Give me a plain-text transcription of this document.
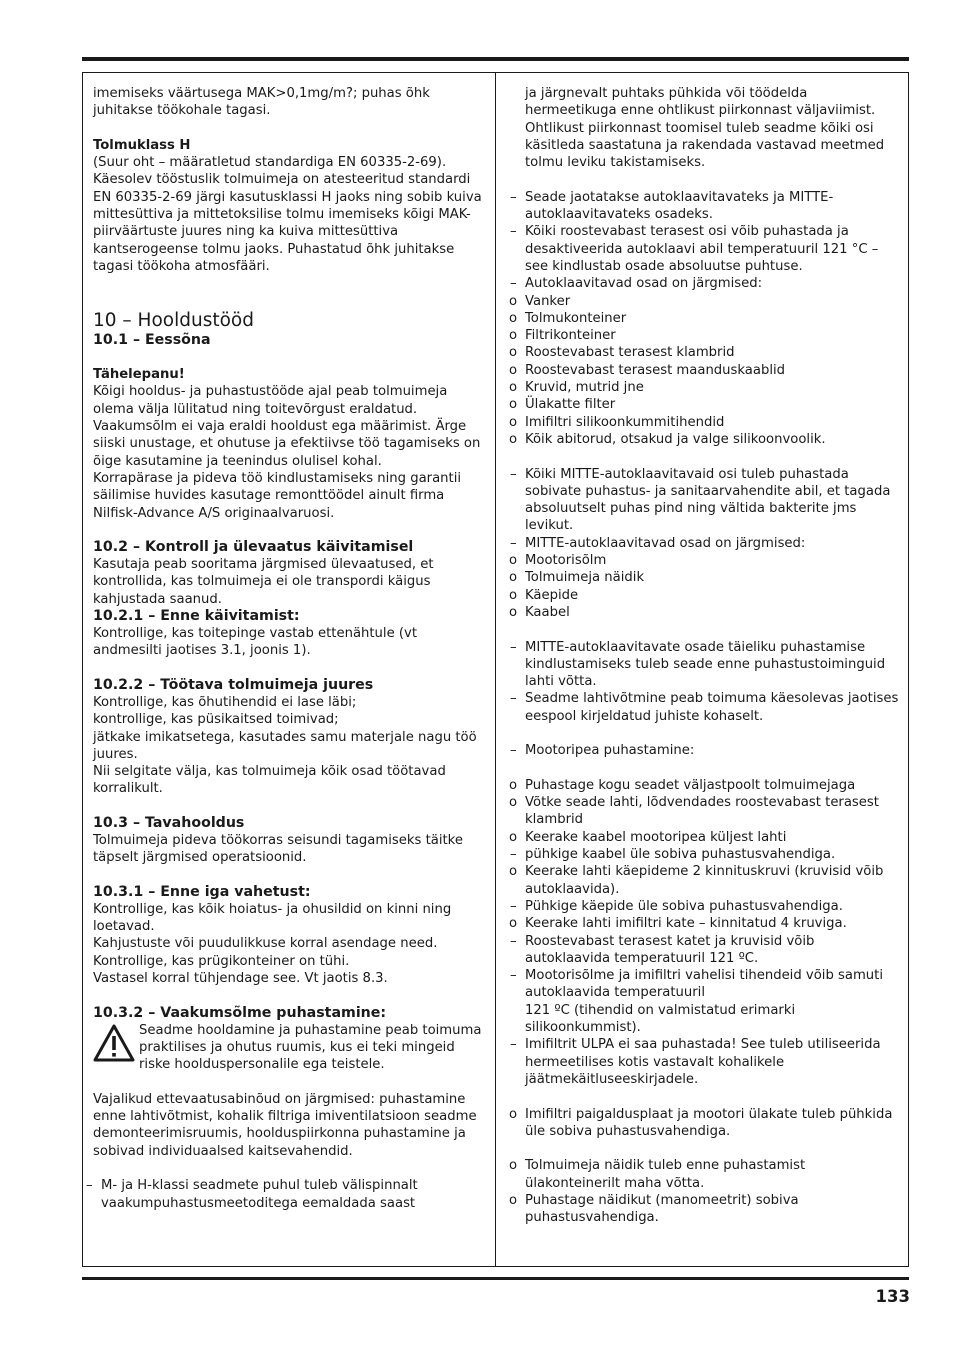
imemiseks väärtusega MAK>0,1mg/m?; puhas õhk juhitakse töökohale tagasi.

Tolmuklass H

(Suur oht – määratletud standardiga EN 60335-2-69). Käesolev tööstuslik tolmuimeja on atesteeritud standardi EN 60335-2-69 järgi kasutusklassi H jaoks ning sobib kuiva mittesüttiva ja mittetoksilise tolmu imemiseks kõigi MAK-piirväärtuste juures ning ka kuiva mittesüttiva kantserogeense tolmu jaoks. Puhastatud õhk juhitakse tagasi töökoha atmosfääri.

10 – Hooldustööd

10.1 – Eessõna

Tähelepanu!

Kõigi hooldus- ja puhastustööde ajal peab tolmuimeja olema välja lülitatud ning toitevõrgust eraldatud. Vaakumsõlm ei vaja eraldi hooldust ega määrimist. Ärge siiski unustage, et ohutuse ja efektiivse töö tagamiseks on õige kasutamine ja teenindus olulisel kohal.

Korrapärase ja pideva töö kindlustamiseks ning garantii säilimise huvides kasutage remonttöödel ainult firma Nilfisk-Advance A/S originaalvaruosi.

10.2 – Kontroll ja ülevaatus käivitamisel

Kasutaja peab sooritama järgmised ülevaatused, et kontrollida, kas tolmuimeja ei ole transpordi käigus kahjustada saanud.

10.2.1 – Enne käivitamist:

Kontrollige, kas toitepinge vastab ettenähtule (vt andmesilti jaotises 3.1, joonis 1).

10.2.2 – Töötava tolmuimeja juures

Kontrollige, kas õhutihendid ei lase läbi;

kontrollige, kas püsikaitsed toimivad;

jätkake imikatsetega, kasutades samu materjale nagu töö juures.

Nii selgitate välja, kas tolmuimeja kõik osad töötavad korralikult.

10.3 – Tavahooldus

Tolmuimeja pideva töökorras seisundi tagamiseks täitke täpselt järgmised operatsioonid.

10.3.1 – Enne iga vahetust:

Kontrollige, kas kõik hoiatus- ja ohusildid on kinni ning loetavad.

Kahjustuste või puudulikkuse korral asendage need.

Kontrollige, kas prügikonteiner on tühi.

Vastasel korral tühjendage see. Vt jaotis 8.3.

10.3.2 – Vaakumsõlme puhastamine:

Seadme hooldamine ja puhastamine peab toimuma praktilises ja ohutus ruumis, kus ei teki mingeid riske hoolduspersonalile ega teistele.

Vajalikud ettevaatusabinõud on järgmised: puhastamine enne lahtivõtmist, kohalik filtriga imiventilatsioon seadme demonteerimisruumis, hoolduspiirkonna puhastamine ja sobivad individuaalsed kaitsevahendid.

– M- ja H-klassi seadmete puhul tuleb välispinnalt vaakumpuhastusmeetoditega eemaldada saast

ja järgnevalt puhtaks pühkida või töödelda hermeetikuga enne ohtlikust piirkonnast väljaviimist. Ohtlikust piirkonnast toomisel tuleb seadme kõiki osi käsitleda saastatuna ja rakendada vastavad meetmed tolmu leviku takistamiseks.

– Seade jaotatakse autoklaavitavateks ja MITTE-autoklaavitavateks osadeks.
– Kõiki roostevabast terasest osi võib puhastada ja desaktiveerida autoklaavi abil temperatuuril 121 °C – see kindlustab osade absoluutse puhtuse.
– Autoklaavitavad osad on järgmised:
o Vanker
o Tolmukonteiner
o Filtrikonteiner
o Roostevabast terasest klambrid
o Roostevabast terasest maanduskaablid
o Kruvid, mutrid jne
o Ülakatte filter
o Imifiltri silikoonkummitihendid
o Kõik abitorud, otsakud ja valge silikoonvoolik.
– Kõiki MITTE-autoklaavitavaid osi tuleb puhastada sobivate puhastus- ja sanitaarvahendite abil, et tagada absoluutselt puhas pind ning vältida bakterite jms levikut.
– MITTE-autoklaavitavad osad on järgmised:
o Mootorisõlm
o Tolmuimeja näidik
o Käepide
o Kaabel
– MITTE-autoklaavitavate osade täieliku puhastamise kindlustamiseks tuleb seade enne puhastustoiminguid lahti võtta.
– Seadme lahtivõtmine peab toimuma käesolevas jaotises eespool kirjeldatud juhiste kohaselt.
– Mootoripea puhastamine:
o Puhastage kogu seadet väljastpoolt tolmuimejaga
o Võtke seade lahti, lõdvendades roostevabast terasest klambrid
o Keerake kaabel mootoripea küljest lahti
– pühkige kaabel üle sobiva puhastusvahendiga.
o Keerake lahti käepideme 2 kinnituskruvi (kruvisid võib autoklaavida).
– Pühkige käepide üle sobiva puhastusvahendiga.
o Keerake lahti imifiltri kate – kinnitatud 4 kruviga.
– Roostevabast terasest katet ja kruvisid võib autoklaavida temperatuuril 121 ºC.
– Mootorisõlme ja imifiltri vahelisi tihendeid võib samuti autoklaavida temperatuuril
121 ºC (tihendid on valmistatud erimarki silikoonkummist).
– Imifiltrit ULPA ei saa puhastada! See tuleb utiliseerida hermeetilises kotis vastavalt kohalikele jäätmekäitluseeskirjadele.
o Imifiltri paigaldusplaat ja mootori ülakate tuleb pühkida üle sobiva puhastusvahendiga.
o Tolmuimeja näidik tuleb enne puhastamist ülakonteinerilt maha võtta.
o Puhastage näidikut (manomeetrit) sobiva puhastusvahendiga.
133
